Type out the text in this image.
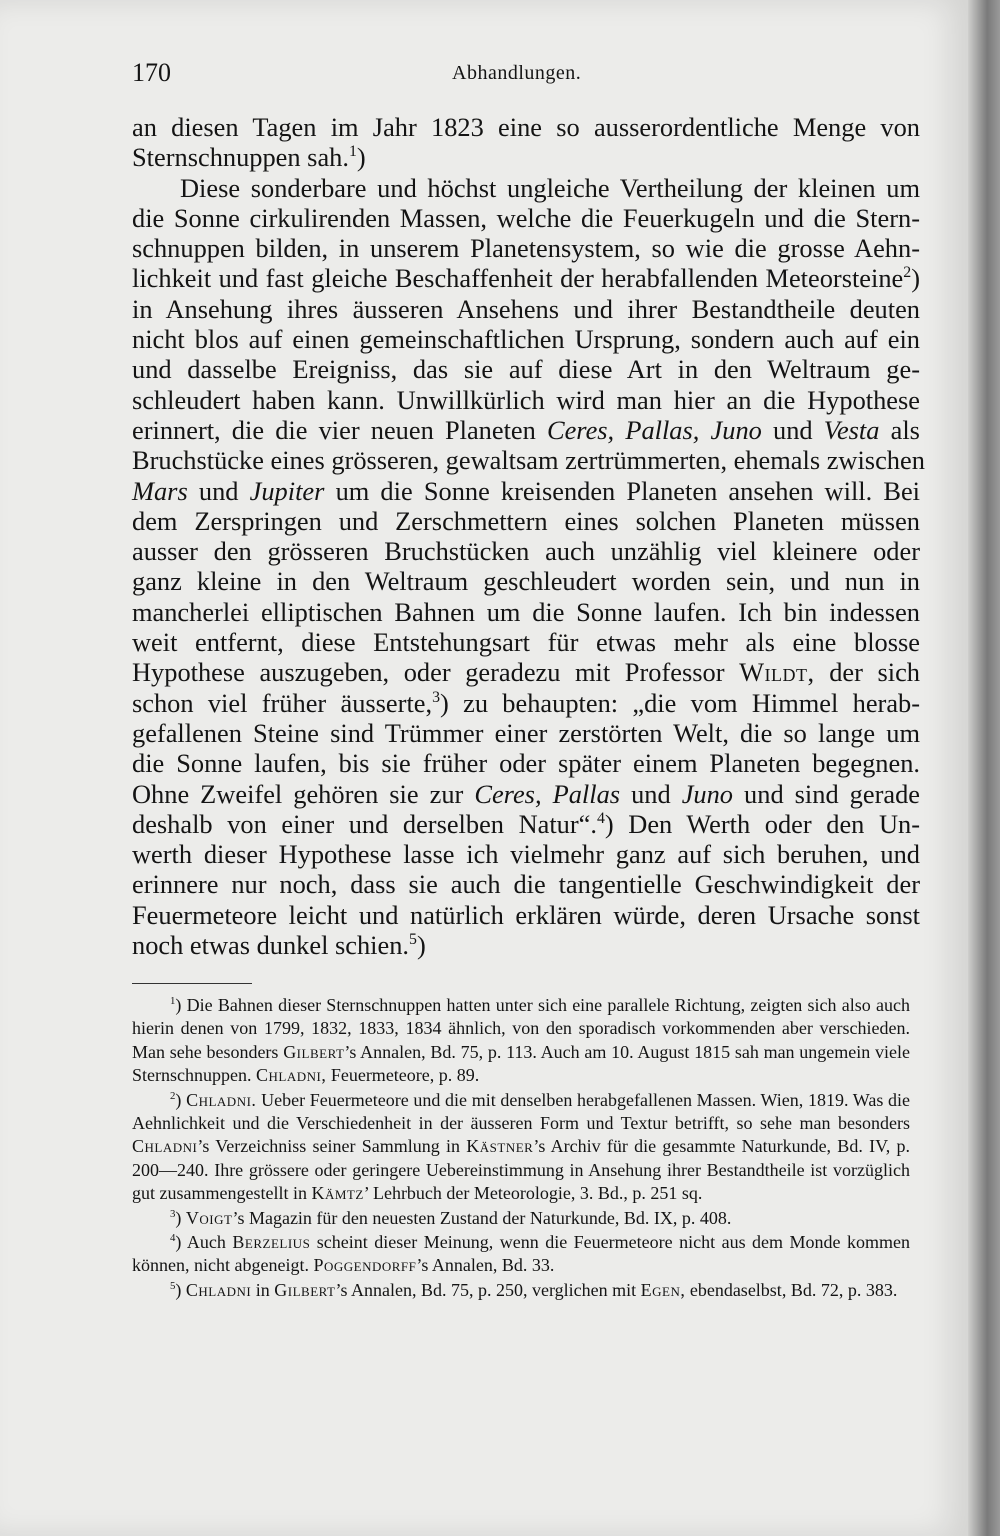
170	Abhandlungen.

an diesen Tagen im Jahr 1823 eine so ausserordentliche Menge von
Sternschnuppen sah.$^1$)

Diese sonderbare und höchst ungleiche Vertheilung der kleinen um
die Sonne cirkulirenden Massen, welche die Feuerkugeln und die Stern-
schnuppen bilden, in unserem Planetensystem, so wie die grosse Aehn-
lichkeit und fast gleiche Beschaffenheit der herabfallenden Meteorsteine$^2$)
in Ansehung ihres äusseren Ansehens und ihrer Bestandtheile deuten
nicht blos auf einen gemeinschaftlichen Ursprung, sondern auch auf ein
und dasselbe Ereigniss, das sie auf diese Art in den Weltraum ge-
schleudert haben kann. Unwillkürlich wird man hier an die Hypothese
erinnert, die die vier neuen Planeten Ceres, Pallas, Juno und Vesta als
Bruchstücke eines grösseren, gewaltsam zertrümmerten, ehemals zwischen
Mars und Jupiter um die Sonne kreisenden Planeten ansehen will. Bei
dem Zerspringen und Zerschmettern eines solchen Planeten müssen
ausser den grösseren Bruchstücken auch unzählig viel kleinere oder
ganz kleine in den Weltraum geschleudert worden sein, und nun in
mancherlei elliptischen Bahnen um die Sonne laufen. Ich bin indessen
weit entfernt, diese Entstehungsart für etwas mehr als eine blosse
Hypothese auszugeben, oder geradezu mit Professor Wildt, der sich
schon viel früher äusserte,$^3$) zu behaupten: „die vom Himmel herab-
gefallenen Steine sind Trümmer einer zerstörten Welt, die so lange um
die Sonne laufen, bis sie früher oder später einem Planeten begegnen.
Ohne Zweifel gehören sie zur Ceres, Pallas und Juno und sind gerade
deshalb von einer und derselben Natur“.$^4$) Den Werth oder den Un-
werth dieser Hypothese lasse ich vielmehr ganz auf sich beruhen, und
erinnere nur noch, dass sie auch die tangentielle Geschwindigkeit der
Feuermeteore leicht und natürlich erklären würde, deren Ursache sonst
noch etwas dunkel schien.$^5$)

$^1$) Die Bahnen dieser Sternschnuppen hatten unter sich eine parallele Richtung, zeigten sich also auch hierin denen von 1799, 1832, 1833, 1834 ähnlich, von den sporadisch vorkommenden aber verschieden. Man sehe besonders Gilbert’s Annalen, Bd. 75, p. 113. Auch am 10. August 1815 sah man ungemein viele Sternschnuppen. Chladni, Feuermeteore, p. 89.

$^2$) Chladni. Ueber Feuermeteore und die mit denselben herabgefallenen Massen. Wien, 1819. Was die Aehnlichkeit und die Verschiedenheit in der äusseren Form und Textur betrifft, so sehe man besonders Chladni’s Verzeichniss seiner Sammlung in Kästner’s Archiv für die gesammte Naturkunde, Bd. IV, p. 200—240. Ihre grössere oder geringere Uebereinstimmung in Ansehung ihrer Bestandtheile ist vorzüglich gut zusammengestellt in Kämtz’ Lehrbuch der Meteorologie, 3. Bd., p. 251 sq.

$^3$) Voigt’s Magazin für den neuesten Zustand der Naturkunde, Bd. IX, p. 408.

$^4$) Auch Berzelius scheint dieser Meinung, wenn die Feuermeteore nicht aus dem Monde kommen können, nicht abgeneigt. Poggendorff’s Annalen, Bd. 33.

$^5$) Chladni in Gilbert’s Annalen, Bd. 75, p. 250, verglichen mit Egen, ebendaselbst, Bd. 72, p. 383.
